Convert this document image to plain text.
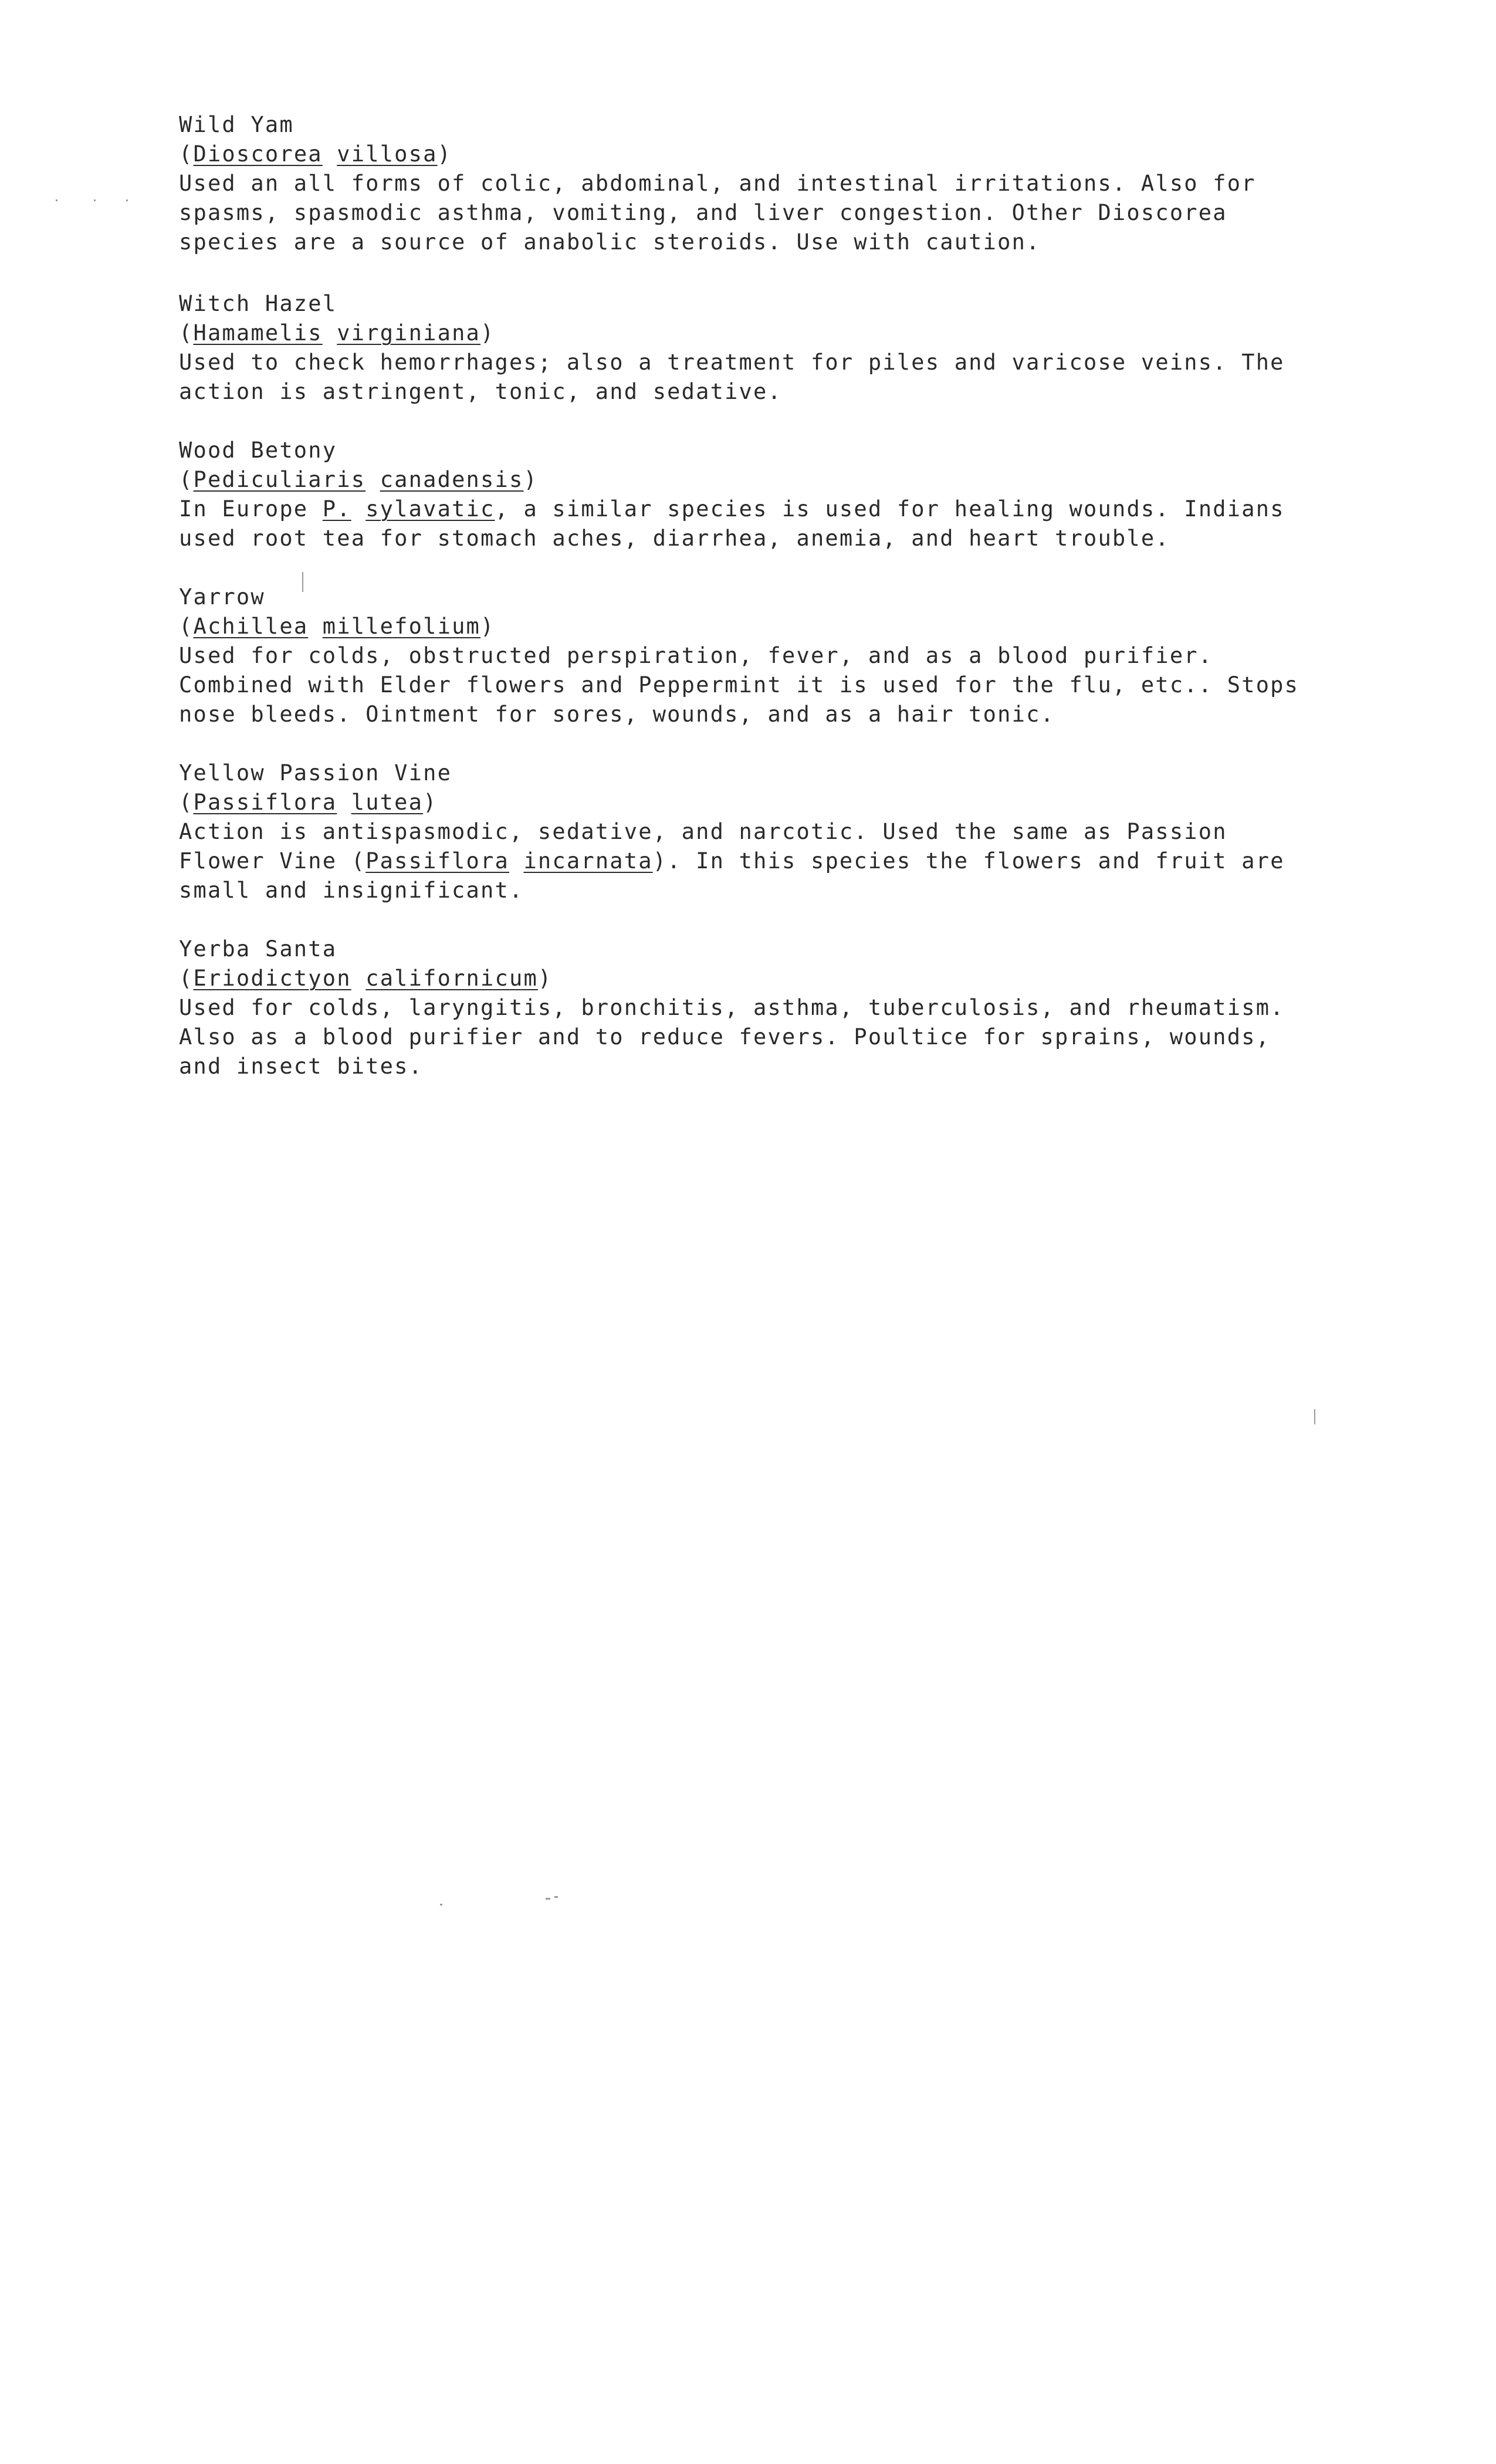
Wild Yam
(Dioscorea villosa)
Used an all forms of colic, abdominal, and intestinal irritations. Also for
spasms, spasmodic asthma, vomiting, and liver congestion. Other Dioscorea
species are a source of anabolic steroids. Use with caution.
Witch Hazel
(Hamamelis virginiana)
Used to check hemorrhages; also a treatment for piles and varicose veins. The
action is astringent, tonic, and sedative.
Wood Betony
(Pediculiaris canadensis)
In Europe P. sylavatic, a similar species is used for healing wounds. Indians
used root tea for stomach aches, diarrhea, anemia, and heart trouble.
Yarrow
(Achillea millefolium)
Used for colds, obstructed perspiration, fever, and as a blood purifier.
Combined with Elder flowers and Peppermint it is used for the flu, etc.. Stops
nose bleeds. Ointment for sores, wounds, and as a hair tonic.
Yellow Passion Vine
(Passiflora lutea)
Action is antispasmodic, sedative, and narcotic. Used the same as Passion
Flower Vine (Passiflora incarnata). In this species the flowers and fruit are
small and insignificant.
Yerba Santa
(Eriodictyon californicum)
Used for colds, laryngitis, bronchitis, asthma, tuberculosis, and rheumatism.
Also as a blood purifier and to reduce fevers. Poultice for sprains, wounds,
and insect bites.
